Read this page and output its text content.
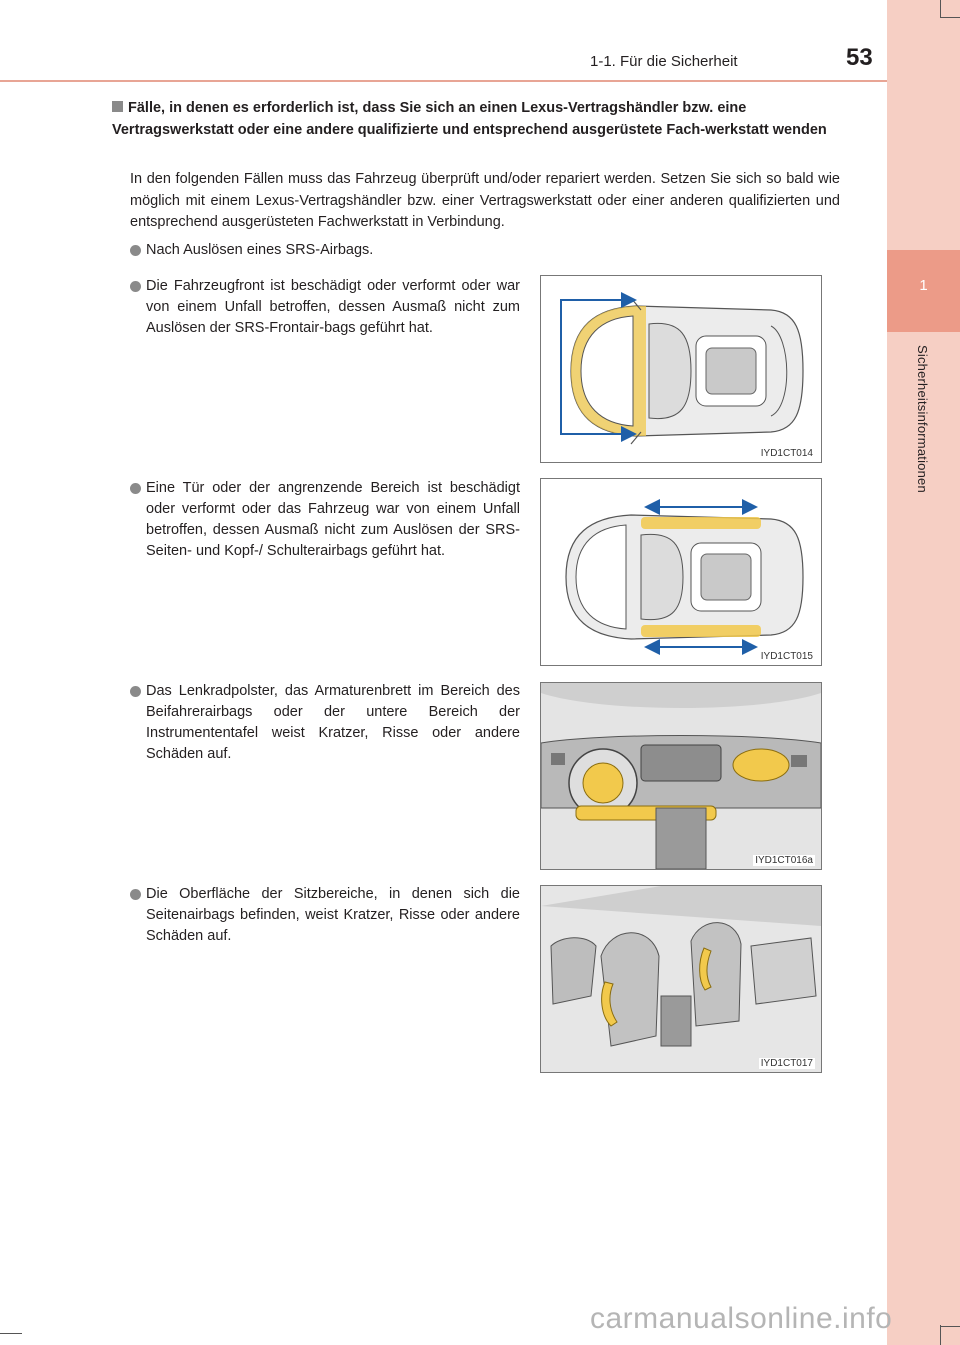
1
Sicherheitsinformationen
1-1. Für die Sicherheit	53
Fälle, in denen es erforderlich ist, dass Sie sich an einen Lexus-Vertragshändler bzw. eine Vertragswerkstatt oder eine andere qualifizierte und entsprechend ausgerüstete Fach-werkstatt wenden
In den folgenden Fällen muss das Fahrzeug überprüft und/oder repariert werden. Setzen Sie sich so bald wie möglich mit einem Lexus-Vertragshändler bzw. einer Vertragswerkstatt oder einer anderen qualifizierten und entsprechend ausgerüsteten Fachwerkstatt in Verbindung.
Nach Auslösen eines SRS-Airbags.
Die Fahrzeugfront ist beschädigt oder verformt oder war von einem Unfall betroffen, dessen Ausmaß nicht zum Auslösen der SRS-Frontair-bags geführt hat.
Eine Tür oder der angrenzende Bereich ist beschädigt oder verformt oder das Fahrzeug war von einem Unfall betroffen, dessen Ausmaß nicht zum Auslösen der SRS-Seiten- und Kopf-/ Schulterairbags geführt hat.
Das Lenkradpolster, das Armaturenbrett im Bereich des Beifahrerairbags oder der untere Bereich der Instrumententafel weist Kratzer, Risse oder andere Schäden auf.
Die Oberfläche der Sitzbereiche, in denen sich die Seitenairbags befinden, weist Kratzer, Risse oder andere Schäden auf.
IYD1CT014
IYD1CT015
IYD1CT016a
IYD1CT017
carmanualsonline.info
